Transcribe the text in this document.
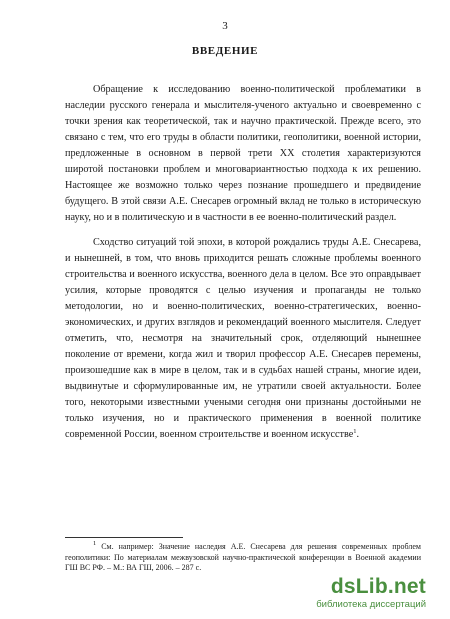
3
ВВЕДЕНИЕ

Обращение к исследованию военно-политической проблематики в наследии русского генерала и мыслителя-ученого актуально и своевременно с точки зрения как теоретической, так и научно практической. Прежде всего, это связано с тем, что его труды в области политики, геополитики, военной истории, предложенные в основном в первой трети XX столетия характеризуются широтой постановки проблем и многовариантностью подхода к их решению. Настоящее же возможно только через познание прошедшего и предвидение будущего. В этой связи А.Е. Снесарев огромный вклад не только в историческую науку, но и в политическую и в частности в ее военно-политический раздел.

Сходство ситуаций той эпохи, в которой рождались труды А.Е. Снесарева, и нынешней, в том, что вновь приходится решать сложные проблемы военного строительства и военного искусства, военного дела в целом. Все это оправдывает усилия, которые проводятся с целью изучения и пропаганды не только методологии, но и военно-политических, военно-стратегических, военно-экономических, и других взглядов и рекомендаций военного мыслителя. Следует отметить, что, несмотря на значительный срок, отделяющий нынешнее поколение от времени, когда жил и творил профессор А.Е. Снесарев перемены, произошедшие как в мире в целом, так и в судьбах нашей страны, многие идеи, выдвинутые и сформулированные им, не утратили своей актуальности. Более того, некоторыми известными учеными сегодня они признаны достойными не только изучения, но и практического применения в военной политике современной России, военном строительстве и военном искусстве$^1$.

$^1$ См. например: Значение наследия А.Е. Снесарева для решения современных проблем геополитики: По материалам межвузовской научно-практической конференции в Военной академии ГШ ВС РФ. – М.: ВА ГШ, 2006. – 287 с.

dsLib.net
библиотека диссертаций
